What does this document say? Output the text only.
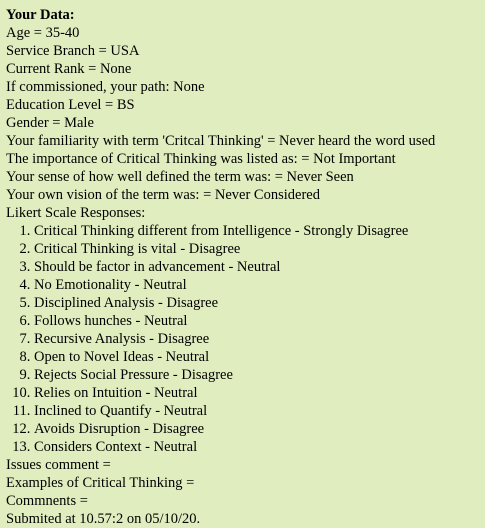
Your Data:
Age = 35-40
Service Branch = USA
Current Rank = None
If commissioned, your path: None
Education Level = BS
Gender = Male
Your familiarity with term 'Critcal Thinking' = Never heard the word used
The importance of Critical Thinking was listed as: = Not Important
Your sense of how well defined the term was: = Never Seen
Your own vision of the term was: = Never Considered
Likert Scale Responses:
1. Critical Thinking different from Intelligence - Strongly Disagree
2. Critical Thinking is vital - Disagree
3. Should be factor in advancement - Neutral
4. No Emotionality - Neutral
5. Disciplined Analysis - Disagree
6. Follows hunches - Neutral
7. Recursive Analysis - Disagree
8. Open to Novel Ideas - Neutral
9. Rejects Social Pressure - Disagree
10. Relies on Intuition - Neutral
11. Inclined to Quantify - Neutral
12. Avoids Disruption - Disagree
13. Considers Context - Neutral
Issues comment =
Examples of Critical Thinking =
Commnents =
Submited at 10.57:2 on 05/10/20.
